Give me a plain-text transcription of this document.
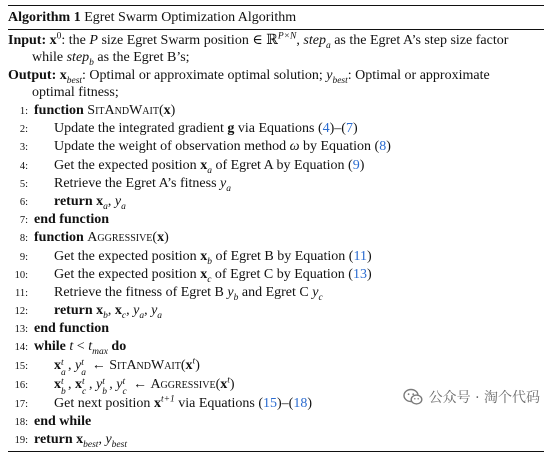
Algorithm 1 Egret Swarm Optimization Algorithm
Input: $x^0$: the P size Egret Swarm position ∈ ℝ$^{P\times N}$, step$_a$ as the Egret A’s step size factor
while step$_b$ as the Egret B’s;
Output: $x_{best}$: Optimal or approximate optimal solution; $y_{best}$: Optimal or approximate
optimal fitness;
1: function SitAndWait(x)
2: Update the integrated gradient g via Equations (4)–(7)
3: Update the weight of observation method ω by Equation (8)
4: Get the expected position $x_a$ of Egret A by Equation (9)
5: Retrieve the Egret A’s fitness $y_a$
6: return $x_a$, $y_a$
7: end function
8: function Aggressive(x)
9: Get the expected position $x_b$ of Egret B by Equation (11)
10: Get the expected position $x_c$ of Egret C by Equation (13)
11: Retrieve the fitness of Egret B $y_b$ and Egret C $y_c$
12: return $x_b$, $x_c$, $y_a$, $y_a$
13: end function
14: while $t < t_{max}$ do
15: x t
a , y t
a ← $SitAndWait(x^t)$
16: x t
b , x t
c , y t
b , y t
c ← $Aggressive(x^t)$
17: Get next position $x^{t+1}$ via Equations (15)–(18)
18: end while
19: return $x_{best}$, $y_{best}$
公众号 · 淘个代码
